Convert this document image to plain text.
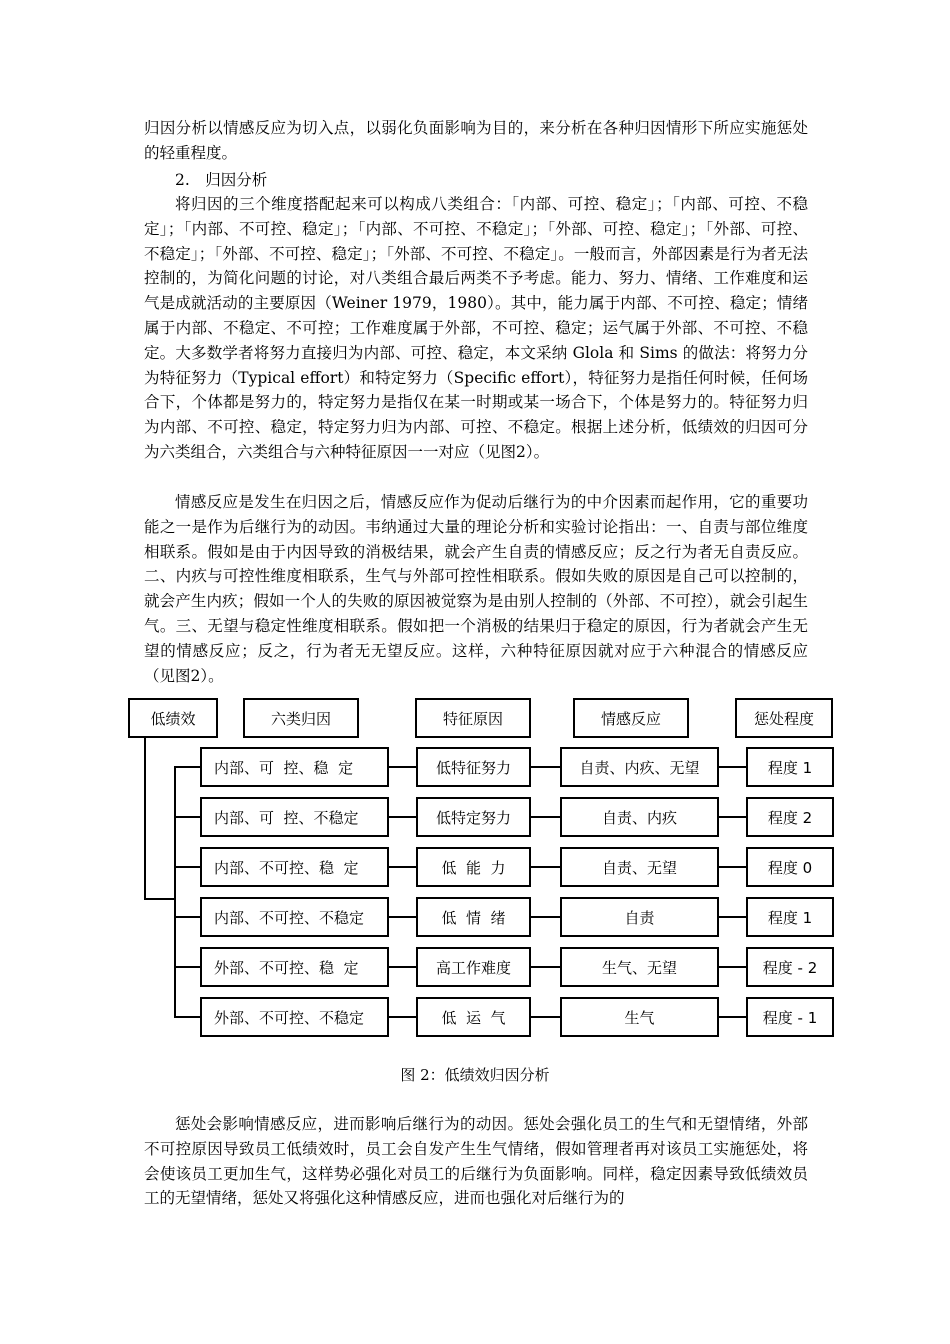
归因分析以情感反应为切入点，以弱化负面影响为目的，来分析在各种归因情形下所应实施惩处的轻重程度。

2.　归因分析

将归因的三个维度搭配起来可以构成八类组合：「内部、可控、稳定」；「内部、可控、不稳定」；「内部、不可控、稳定」；「内部、不可控、不稳定」；「外部、可控、稳定」；「外部、可控、不稳定」；「外部、不可控、稳定」；「外部、不可控、不稳定」。一般而言，外部因素是行为者无法控制的，为简化问题的讨论，对八类组合最后两类不予考虑。能力、努力、情绪、工作难度和运气是成就活动的主要原因（Weiner 1979，1980）。其中，能力属于内部、不可控、稳定；情绪属于内部、不稳定、不可控；工作难度属于外部，不可控、稳定；运气属于外部、不可控、不稳定。大多数学者将努力直接归为内部、可控、稳定，本文采纳 Glola 和 Sims 的做法：将努力分为特征努力（Typical effort）和特定努力（Specific effort），特征努力是指任何时候，任何场合下，个体都是努力的，特定努力是指仅在某一时期或某一场合下，个体是努力的。特征努力归为内部、不可控、稳定，特定努力归为内部、可控、不稳定。根据上述分析，低绩效的归因可分为六类组合，六类组合与六种特征原因一一对应（见图2）。

情感反应是发生在归因之后，情感反应作为促动后继行为的中介因素而起作用，它的重要功能之一是作为后继行为的动因。韦纳通过大量的理论分析和实验讨论指出：一、自责与部位维度相联系。假如是由于内因导致的消极结果，就会产生自责的情感反应；反之行为者无自责反应。二、内疚与可控性维度相联系，生气与外部可控性相联系。假如失败的原因是自己可以控制的，就会产生内疚；假如一个人的失败的原因被觉察为是由别人控制的（外部、不可控），就会引起生气。三、无望与稳定性维度相联系。假如把一个消极的结果归于稳定的原因，行为者就会产生无望的情感反应；反之，行为者无无望反应。这样，六种特征原因就对应于六种混合的情感反应（见图2）。

低绩效	六类归因	特征原因	情感反应	惩处程度
内部、可  控、稳  定	低特征努力	自责、内疚、无望	程度 1
内部、可  控、不稳定	低特定努力	自责、内疚	程度 2
内部、不可控、稳  定	低  能  力	自责、无望	程度 0
内部、不可控、不稳定	低  情  绪	自责	程度 1
外部、不可控、稳  定	高工作难度	生气、无望	程度 - 2
外部、不可控、不稳定	低  运  气	生气	程度 - 1

图 2：低绩效归因分析

惩处会影响情感反应，进而影响后继行为的动因。惩处会强化员工的生气和无望情绪，外部不可控原因导致员工低绩效时，员工会自发产生生气情绪，假如管理者再对该员工实施惩处，将会使该员工更加生气，这样势必强化对员工的后继行为负面影响。同样，稳定因素导致低绩效员工的无望情绪，惩处又将强化这种情感反应，进而也强化对后继行为的
